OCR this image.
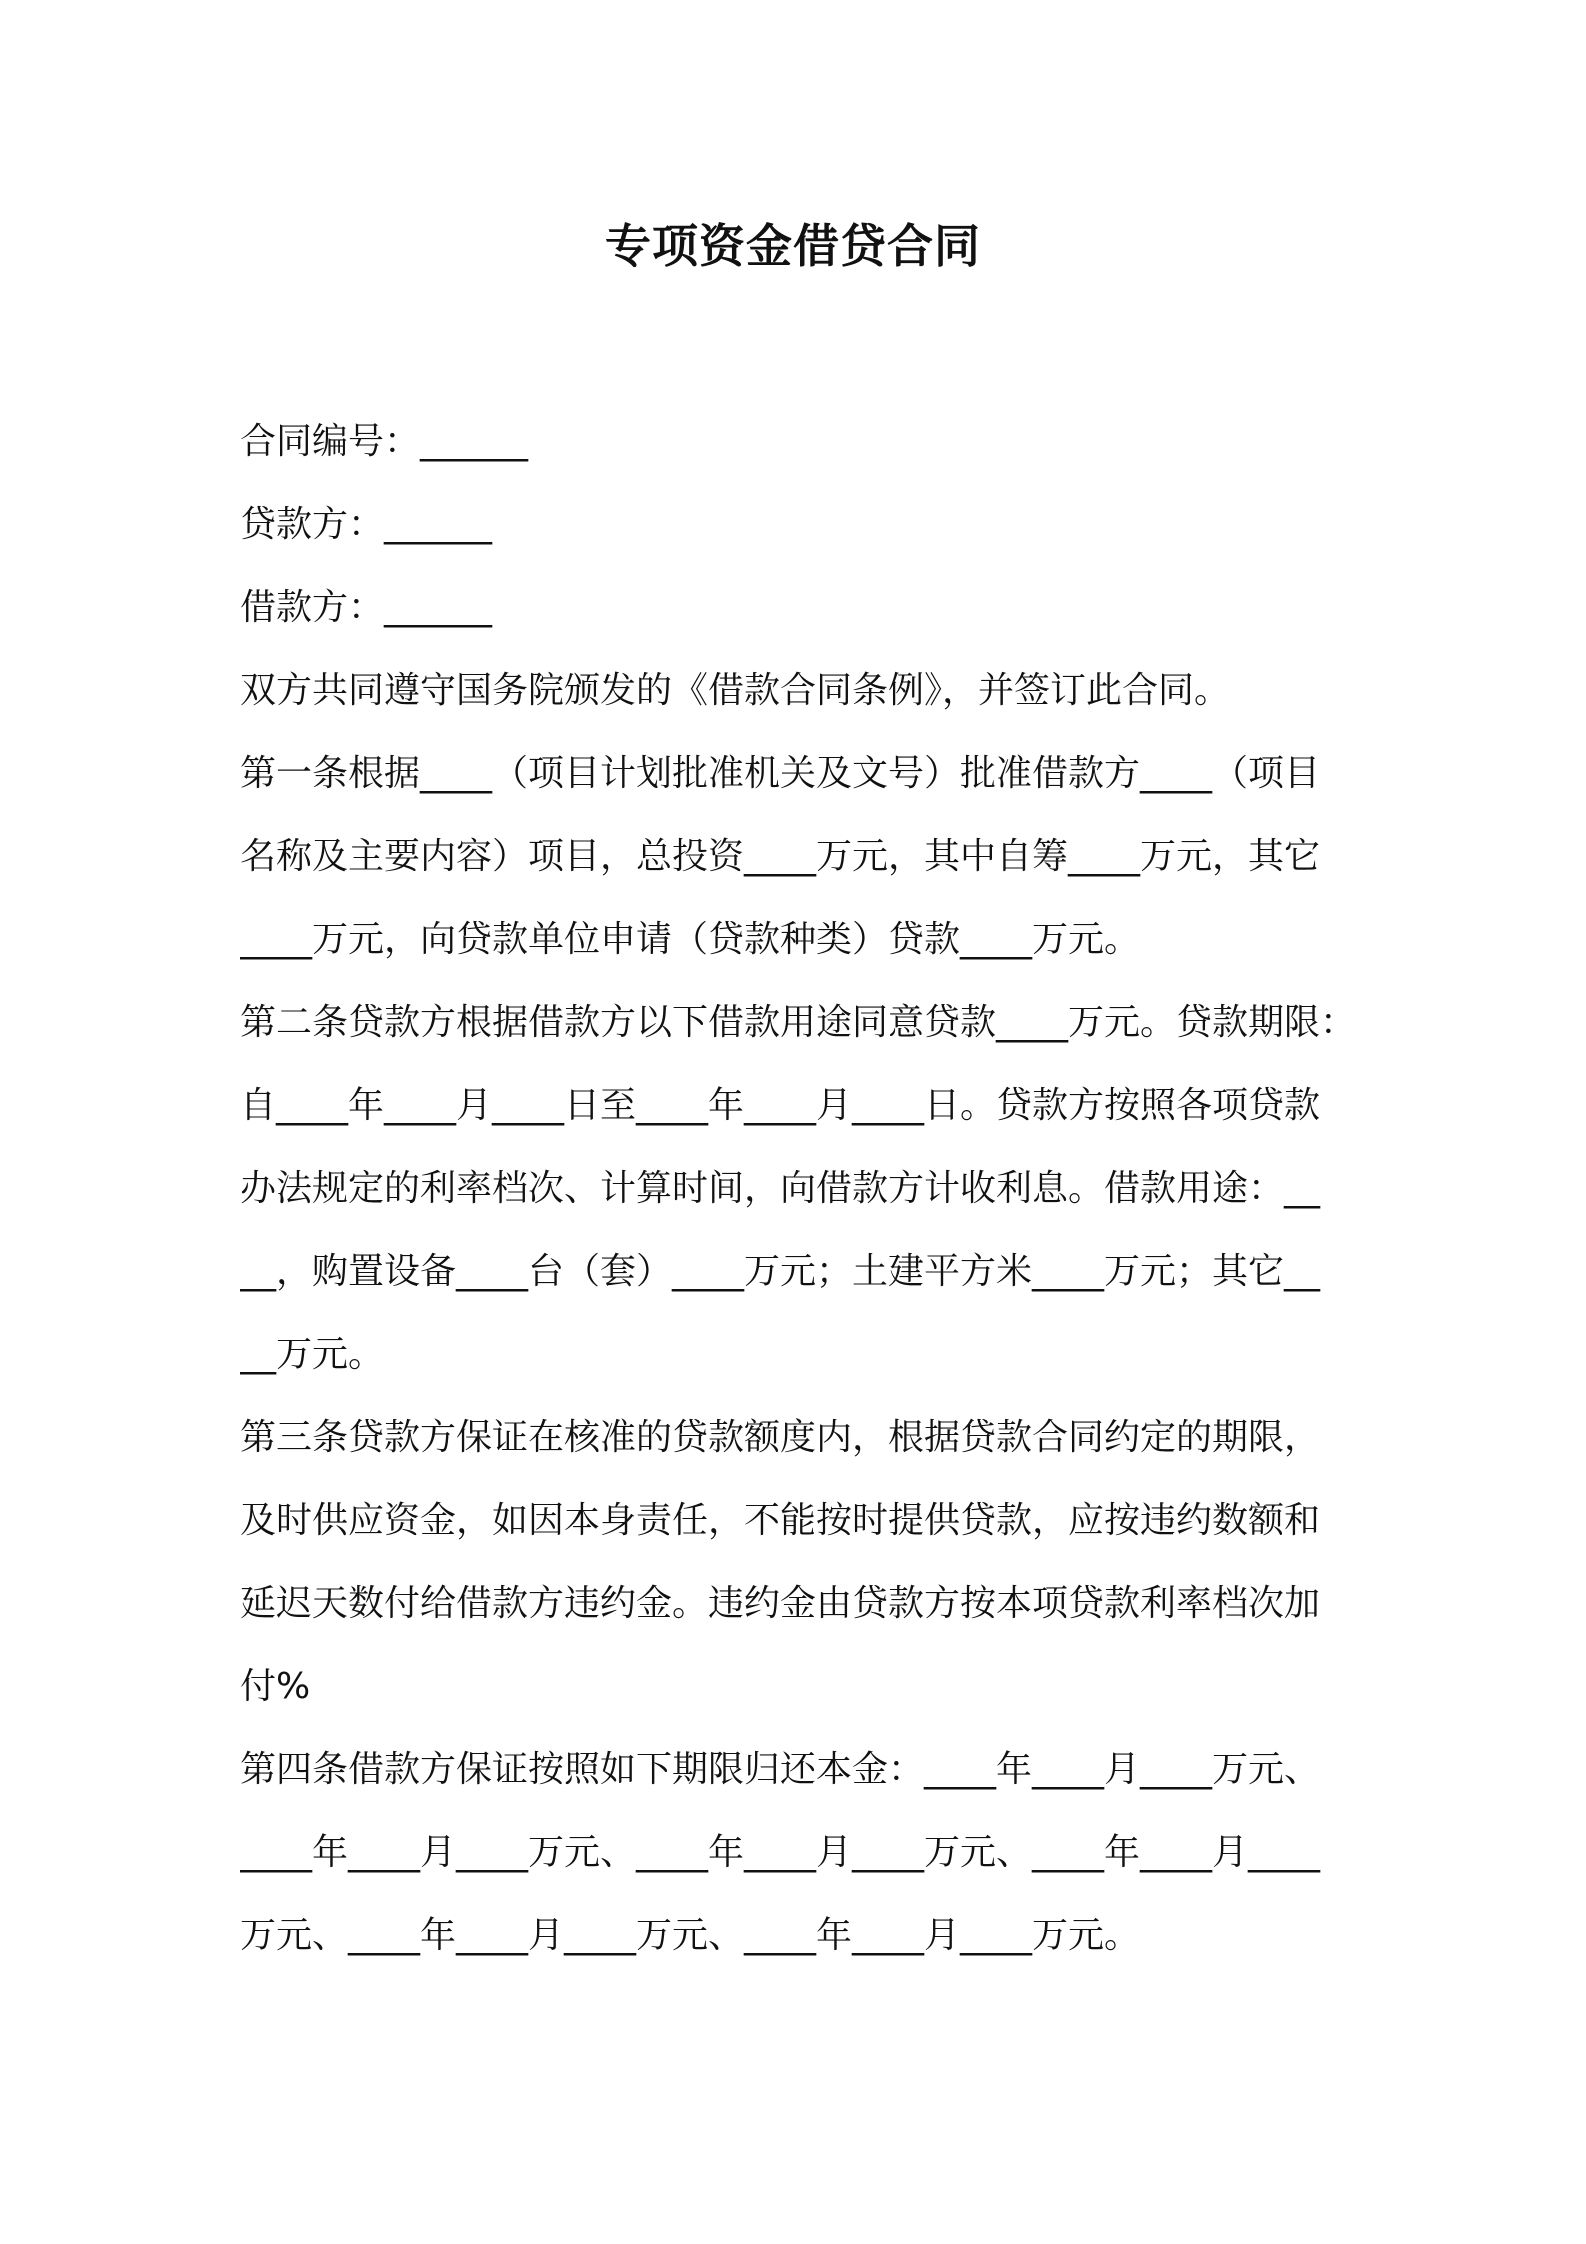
专项资金借贷合同
合同编号：______
贷款方：______
借款方：______
双方共同遵守国务院颁发的《借款合同条例》，并签订此合同。
第一条根据____（项目计划批准机关及文号）批准借款方____（项目
名称及主要内容）项目，总投资____万元，其中自筹____万元，其它
____万元，向贷款单位申请（贷款种类）贷款____万元。
第二条贷款方根据借款方以下借款用途同意贷款____万元。贷款期限：
自____年____月____日至____年____月____日。贷款方按照各项贷款
办法规定的利率档次、计算时间，向借款方计收利息。借款用途：__
__，购置设备____台（套）____万元；土建平方米____万元；其它__
__万元。
第三条贷款方保证在核准的贷款额度内，根据贷款合同约定的期限，
及时供应资金，如因本身责任，不能按时提供贷款，应按违约数额和
延迟天数付给借款方违约金。违约金由贷款方按本项贷款利率档次加
付%
第四条借款方保证按照如下期限归还本金：____年____月____万元、
____年____月____万元、____年____月____万元、____年____月____
万元、____年____月____万元、____年____月____万元。
